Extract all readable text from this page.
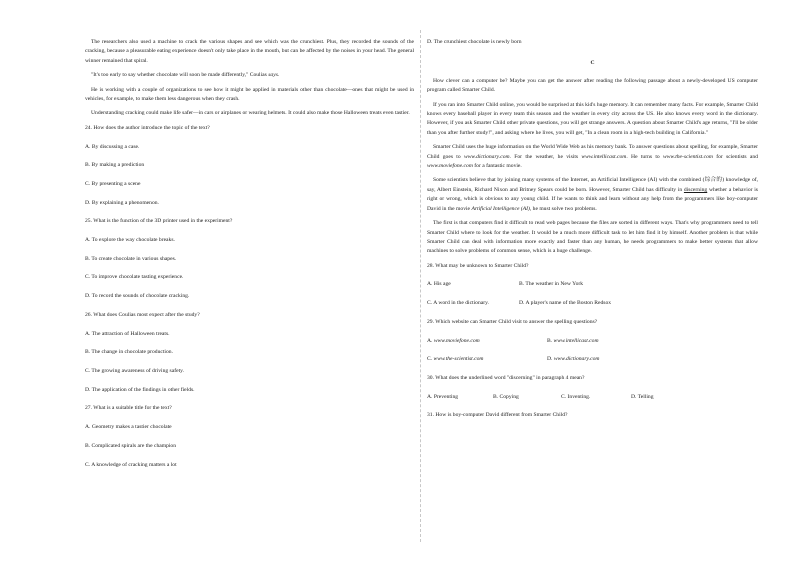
The researchers also used a machine to crack the various shapes and see which was the crunchiest. Plus, they recorded the sounds of the cracking, because a pleasurable eating experience doesn't only take place in the mouth, but can be affected by the noises in your head. The general winner remained that spiral.

"It's too early to say whether chocolate will soon be made differently," Coulias says.

He is working with a couple of organizations to see how it might be applied in materials other than chocolate—ones that might be used in vehicles, for example, to make them less dangerous when they crash.

Understanding cracking could make life safer—in cars or airplanes or wearing helmets. It could also make those Halloween treats even tastier.

24. How does the author introduce the topic of the text?

A. By discussing a case.

B. By making a prediction

C. By presenting a scene

D. By explaining a phenomenon.

25. What is the function of the 3D printer used in the experiment?

A. To explore the way chocolate breaks.

B. To create chocolate in various shapes.

C. To improve chocolate tasting experience.

D. To record the sounds of chocolate cracking.

26. What does Coulias most expect after the study?

A. The attraction of Halloween treats.

B. The change in chocolate production.

C. The growing awareness of driving safety.

D. The application of the findings in other fields.

27. What is a suitable title for the text?

A. Geometry makes a tastier chocolate

B. Complicated spirals are the champion

C. A knowledge of cracking matters a lot

D. The crunchiest chocolate is newly born

C

How clever can a computer be? Maybe you can get the answer after reading the following passage about a newly-developed US computer program called Smarter Child.

If you ran into Smarter Child online, you would be surprised at this kid's huge memory. It can remember many facts. For example, Smarter Child knows every baseball player in every team this season and the weather in every city across the US. He also knows every word in the dictionary. However, if you ask Smarter Child other private questions, you will get strange answers. A question about Smarter Child's age returns, "I'll be older than you after further study!", and asking where he lives, you will get, "In a clean room in a high-tech building in California."

Smarter Child uses the huge information on the World Wide Web as his memory bank. To answer questions about spelling, for example, Smarter Child goes to www.dictionary.com. For the weather, he visits www.intellicast.com. He turns to www.the-scientist.com for scientists and www.moviefone.com for a fantastic movie.

Some scientists believe that by joining many systems of the Internet, an Artificial Intelligence (AI) with the combined (综合的) knowledge of, say, Albert Einstein, Richard Nixon and Britney Spears could be born. However, Smarter Child has difficulty in discerning whether a behavior is right or wrong, which is obvious to any young child. If he wants to think and learn without any help from the programmers like boy-computer David in the movie Artificial Intelligence (AI), he must solve two problems.

The first is that computers find it difficult to read web pages because the files are sorted in different ways. That's why programmers need to tell Smarter Child where to look for the weather. It would be a much more difficult task to let him find it by himself. Another problem is that while Smarter Child can deal with information more exactly and faster than any human, he needs programmers to make better systems that allow machines to solve problems of common sense, which is a huge challenge.

28. What may be unknown to Smarter Child?

A. His age	B. The weather in New York
C. A word in the dictionary.	D. A player's name of the Boston Redsox

29. Which website can Smarter Child visit to answer the spelling questions?

A. www.moviefone.com	B. www.intellicast.com
C. www.the-scientist.com	D. www.dictionary.com

30. What does the underlined word "discerning" in paragraph 4 mean?

A. Preventing	B. Copying	C. Inventing.	D. Telling

31. How is boy-computer David different from Smarter Child?
